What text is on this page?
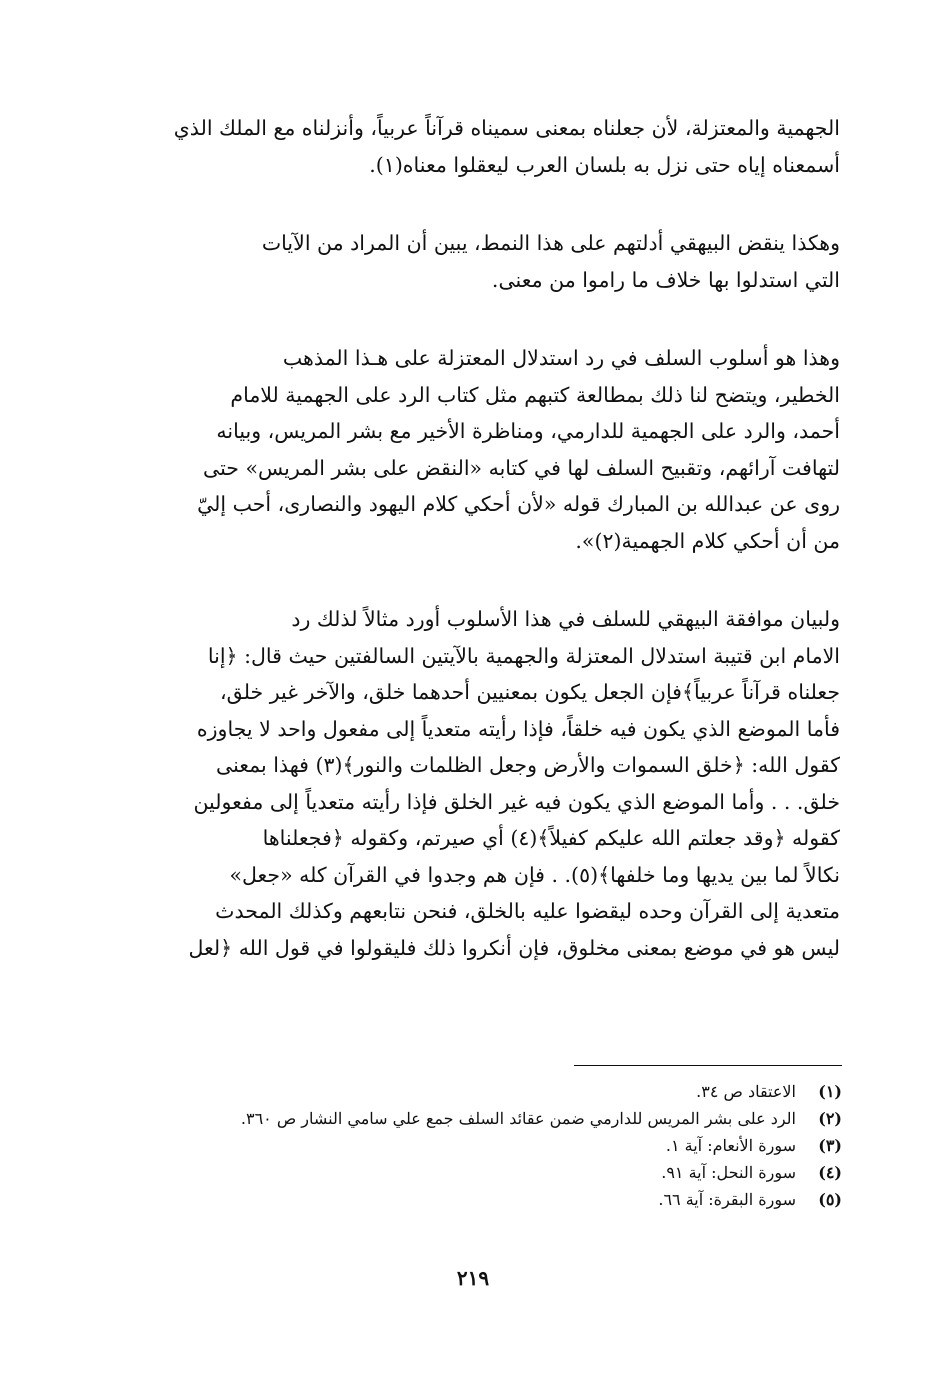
الجهمية والمعتزلة، لأن جعلناه بمعنى سميناه قرآناً عربياً، وأنزلناه مع الملك الذي
أسمعناه إياه حتى نزل به بلسان العرب ليعقلوا معناه(١).

وهكذا ينقض البيهقي أدلتهم على هذا النمط، يبين أن المراد من الآيات
التي استدلوا بها خلاف ما راموا من معنى.

وهذا هو أسلوب السلف في رد استدلال المعتزلة على هـذا المذهب
الخطير، ويتضح لنا ذلك بمطالعة كتبهم مثل كتاب الرد على الجهمية للامام
أحمد، والرد على الجهمية للدارمي، ومناظرة الأخير مع بشر المريس، وبيانه
لتهافت آرائهم، وتقبيح السلف لها في كتابه «النقض على بشر المريس» حتى
روى عن عبدالله بن المبارك قوله «لأن أحكي كلام اليهود والنصارى، أحب إليّ
من أن أحكي كلام الجهمية(٢)».

ولبيان موافقة البيهقي للسلف في هذا الأسلوب أورد مثالاً لذلك رد
الامام ابن قتيبة استدلال المعتزلة والجهمية بالآيتين السالفتين حيث قال: ﴿إنا
جعلناه قرآناً عربياً﴾فإن الجعل يكون بمعنيين أحدهما خلق، والآخر غير خلق،
فأما الموضع الذي يكون فيه خلقاً، فإذا رأيته متعدياً إلى مفعول واحد لا يجاوزه
كقول الله: ﴿خلق السموات والأرض وجعل الظلمات والنور﴾(٣) فهذا بمعنى
خلق. . . وأما الموضع الذي يكون فيه غير الخلق فإذا رأيته متعدياً إلى مفعولين
كقوله ﴿وقد جعلتم الله عليكم كفيلاً﴾(٤) أي صيرتم، وكقوله ﴿فجعلناها
نكالاً لما بين يديها وما خلفها﴾(٥). . فإن هم وجدوا في القرآن كله «جعل»
متعدية إلى القرآن وحده ليقضوا عليه بالخلق، فنحن نتابعهم وكذلك المحدث
ليس هو في موضع بمعنى مخلوق، فإن أنكروا ذلك فليقولوا في قول الله ﴿لعل

(١)الاعتقاد ص ٣٤.
(٢)الرد على بشر المريس للدارمي ضمن عقائد السلف جمع علي سامي النشار ص ٣٦٠.
(٣)سورة الأنعام: آية ١.
(٤)سورة النحل: آية ٩١.
(٥)سورة البقرة: آية ٦٦.
٢١٩
